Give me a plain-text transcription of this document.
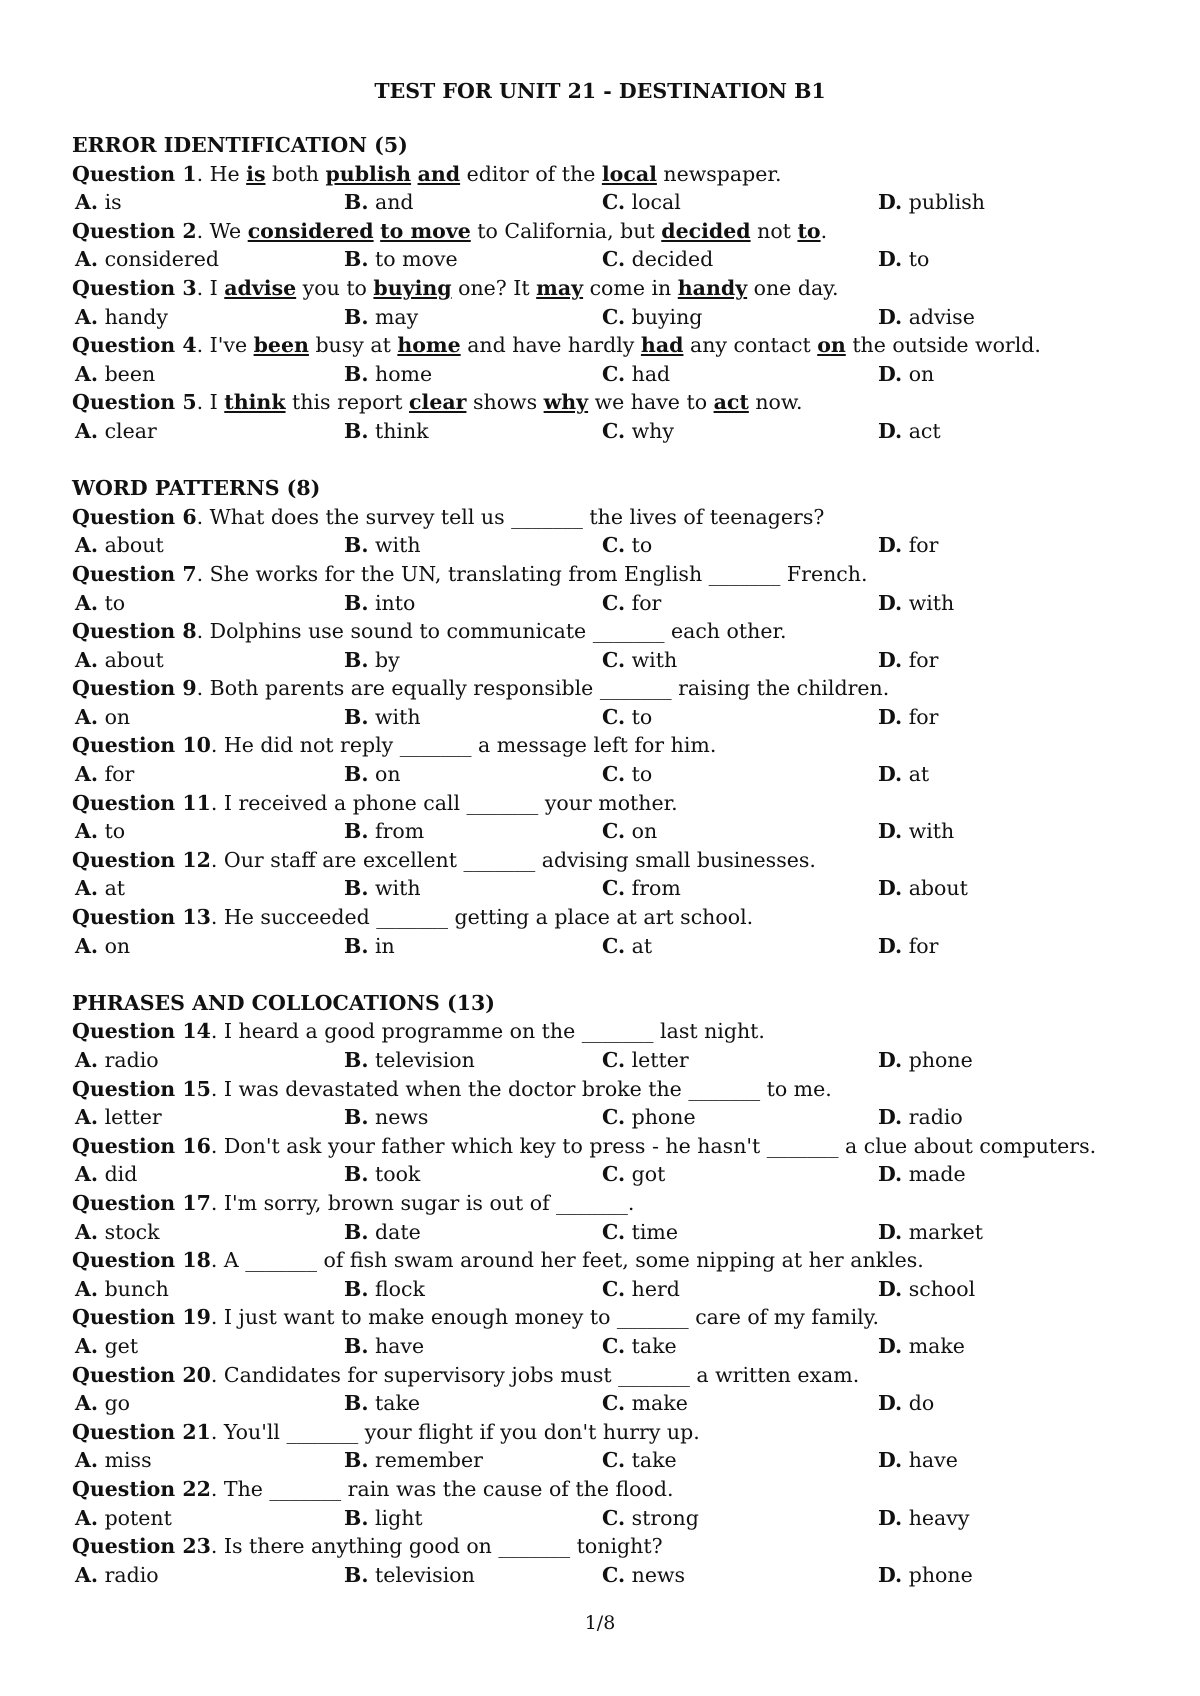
TEST FOR UNIT 21 - DESTINATION B1
ERROR IDENTIFICATION (5)
Question 1. He is both publish and editor of the local newspaper.
A. is	B. and	C. local	D. publish
Question 2. We considered to move to California, but decided not to.
A. considered	B. to move	C. decided	D. to
Question 3. I advise you to buying one? It may come in handy one day.
A. handy	B. may	C. buying	D. advise
Question 4. I've been busy at home and have hardly had any contact on the outside world.
A. been	B. home	C. had	D. on
Question 5. I think this report clear shows why we have to act now.
A. clear	B. think	C. why	D. act
WORD PATTERNS (8)
Question 6. What does the survey tell us _______ the lives of teenagers?
A. about	B. with	C. to	D. for
Question 7. She works for the UN, translating from English _______ French.
A. to	B. into	C. for	D. with
Question 8. Dolphins use sound to communicate _______ each other.
A. about	B. by	C. with	D. for
Question 9. Both parents are equally responsible _______ raising the children.
A. on	B. with	C. to	D. for
Question 10. He did not reply _______ a message left for him.
A. for	B. on	C. to	D. at
Question 11. I received a phone call _______ your mother.
A. to	B. from	C. on	D. with
Question 12. Our staff are excellent _______ advising small businesses.
A. at	B. with	C. from	D. about
Question 13. He succeeded _______ getting a place at art school.
A. on	B. in	C. at	D. for
PHRASES AND COLLOCATIONS (13)
Question 14. I heard a good programme on the _______ last night.
A. radio	B. television	C. letter	D. phone
Question 15. I was devastated when the doctor broke the _______ to me.
A. letter	B. news	C. phone	D. radio
Question 16. Don't ask your father which key to press - he hasn't _______ a clue about computers.
A. did	B. took	C. got	D. made
Question 17. I'm sorry, brown sugar is out of _______.
A. stock	B. date	C. time	D. market
Question 18. A _______ of fish swam around her feet, some nipping at her ankles.
A. bunch	B. flock	C. herd	D. school
Question 19. I just want to make enough money to _______ care of my family.
A. get	B. have	C. take	D. make
Question 20. Candidates for supervisory jobs must _______ a written exam.
A. go	B. take	C. make	D. do
Question 21. You'll _______ your flight if you don't hurry up.
A. miss	B. remember	C. take	D. have
Question 22. The _______ rain was the cause of the flood.
A. potent	B. light	C. strong	D. heavy
Question 23. Is there anything good on _______ tonight?
A. radio	B. television	C. news	D. phone
1/8
